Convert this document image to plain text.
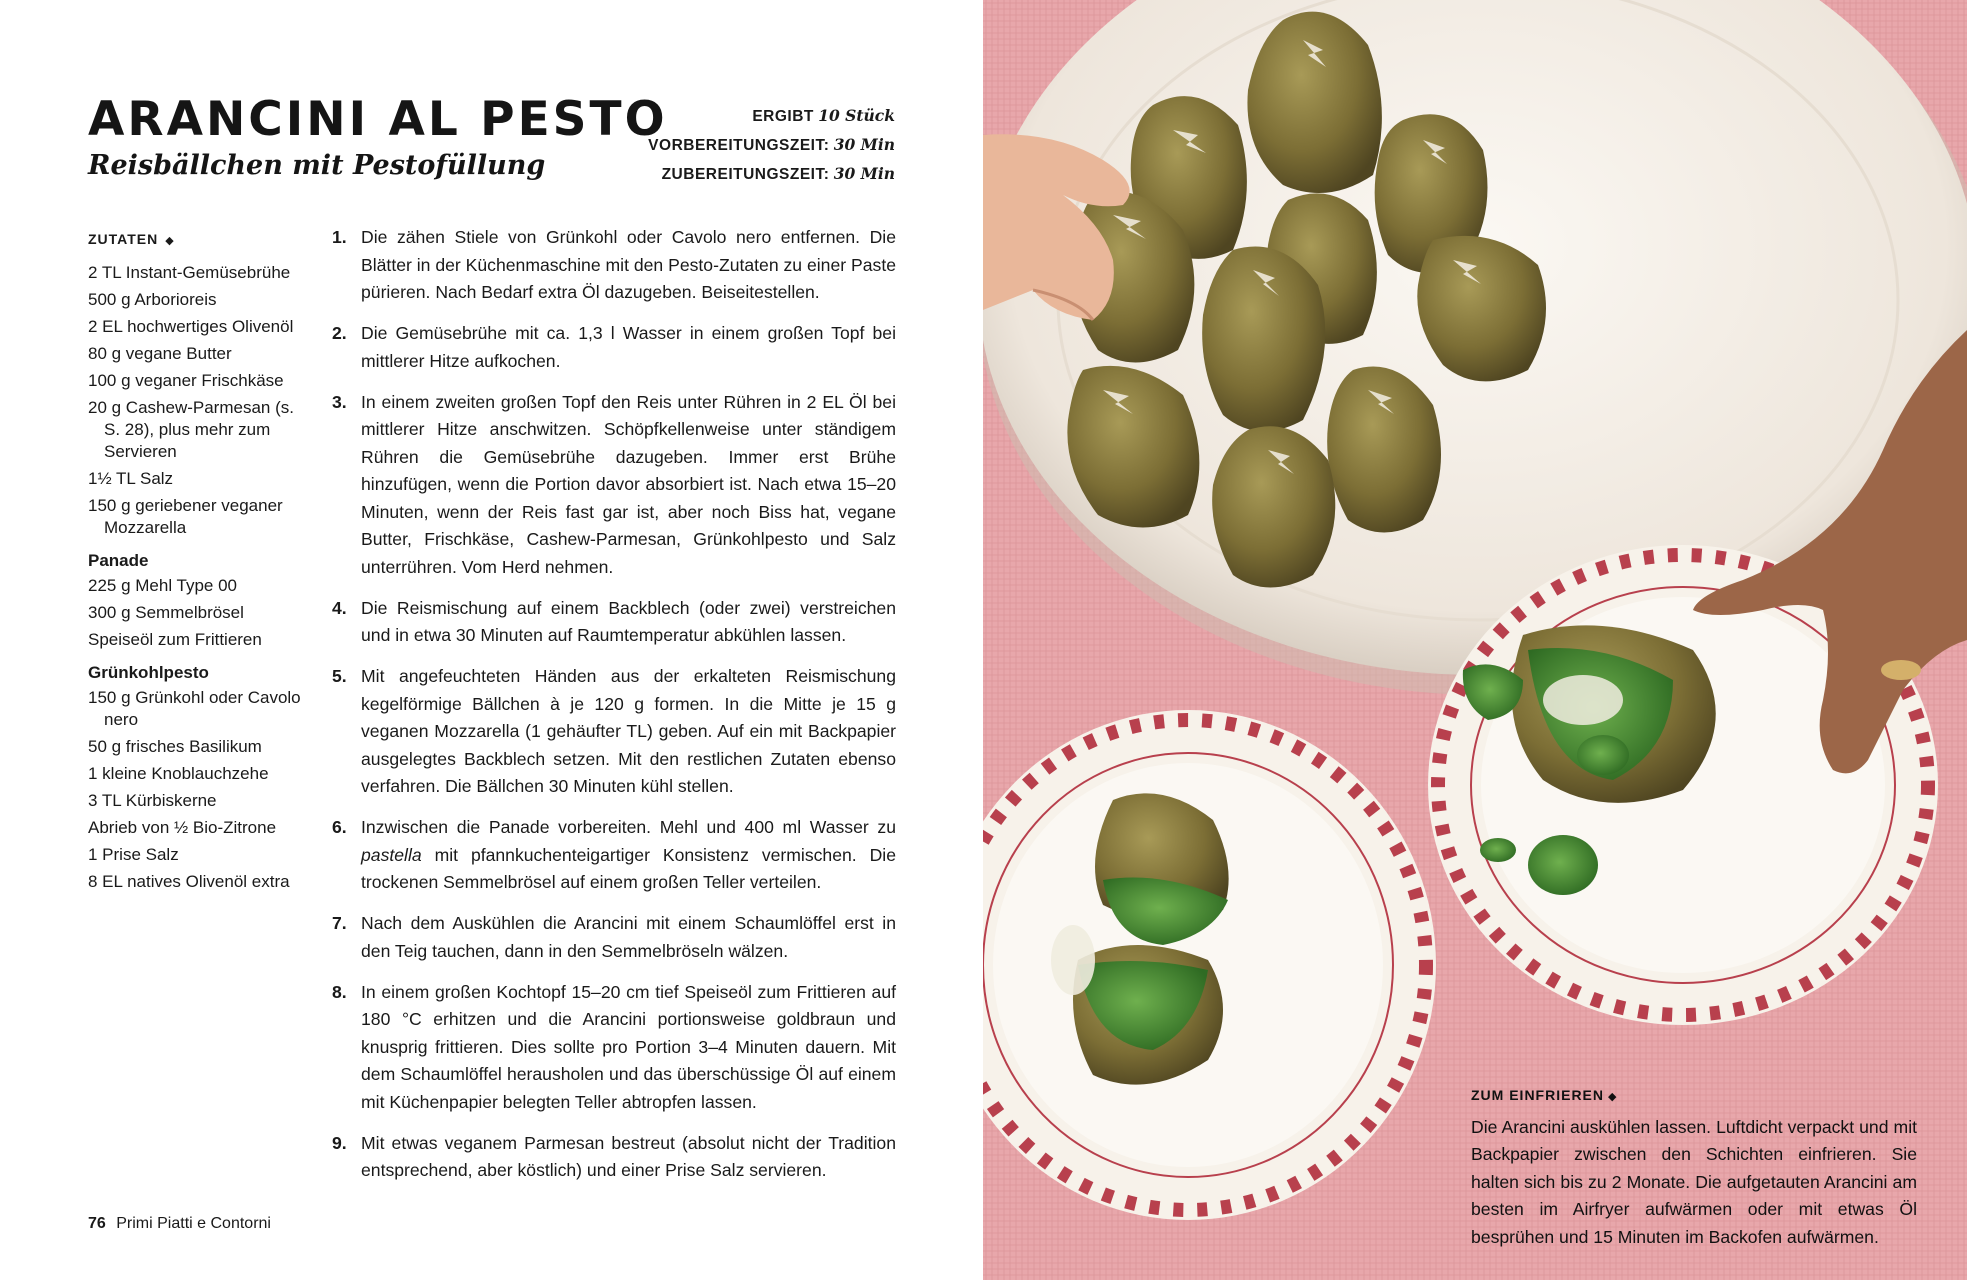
ARANCINI AL PESTO
Reisbällchen mit Pestofüllung
ERGIBT 10 Stück
VORBEREITUNGSZEIT: 30 Min
ZUBEREITUNGSZEIT: 30 Min
ZUTATEN ◆
2 TL Instant-Gemüsebrühe
500 g Arborioreis
2 EL hochwertiges Olivenöl
80 g vegane Butter
100 g veganer Frischkäse
20 g Cashew-Parmesan (s. S. 28), plus mehr zum Servieren
1½ TL Salz
150 g geriebener veganer Mozzarella
Panade
225 g Mehl Type 00
300 g Semmelbrösel
Speiseöl zum Frittieren
Grünkohlpesto
150 g Grünkohl oder Cavolo nero
50 g frisches Basilikum
1 kleine Knoblauchzehe
3 TL Kürbiskerne
Abrieb von ½ Bio-Zitrone
1 Prise Salz
8 EL natives Olivenöl extra
1. Die zähen Stiele von Grünkohl oder Cavolo nero entfernen. Die Blätter in der Küchenmaschine mit den Pesto-Zutaten zu einer Paste pürieren. Nach Bedarf extra Öl dazugeben. Beiseitestellen.
2. Die Gemüsebrühe mit ca. 1,3 l Wasser in einem großen Topf bei mittlerer Hitze aufkochen.
3. In einem zweiten großen Topf den Reis unter Rühren in 2 EL Öl bei mittlerer Hitze anschwitzen. Schöpfkellenweise unter ständigem Rühren die Gemüsebrühe dazugeben. Immer erst Brühe hinzufügen, wenn die Portion davor absorbiert ist. Nach etwa 15–20 Minuten, wenn der Reis fast gar ist, aber noch Biss hat, vegane Butter, Frischkäse, Cashew-Parmesan, Grünkohlpesto und Salz unterrühren. Vom Herd nehmen.
4. Die Reismischung auf einem Backblech (oder zwei) verstreichen und in etwa 30 Minuten auf Raumtemperatur abkühlen lassen.
5. Mit angefeuchteten Händen aus der erkalteten Reismischung kegelförmige Bällchen à je 120 g formen. In die Mitte je 15 g veganen Mozzarella (1 gehäufter TL) geben. Auf ein mit Backpapier ausgelegtes Backblech setzen. Mit den restlichen Zutaten ebenso verfahren. Die Bällchen 30 Minuten kühl stellen.
6. Inzwischen die Panade vorbereiten. Mehl und 400 ml Wasser zu pastella mit pfannkuchenteigartiger Konsistenz vermischen. Die trockenen Semmelbrösel auf einem großen Teller verteilen.
7. Nach dem Auskühlen die Arancini mit einem Schaumlöffel erst in den Teig tauchen, dann in den Semmelbröseln wälzen.
8. In einem großen Kochtopf 15–20 cm tief Speiseöl zum Frittieren auf 180 °C erhitzen und die Arancini portionsweise goldbraun und knusprig frittieren. Dies sollte pro Portion 3–4 Minuten dauern. Mit dem Schaumlöffel herausholen und das überschüssige Öl auf einem mit Küchenpapier belegten Teller abtropfen lassen.
9. Mit etwas veganem Parmesan bestreut (absolut nicht der Tradition entsprechend, aber köstlich) und einer Prise Salz servieren.
76 Primi Piatti e Contorni
ZUM EINFRIEREN ◆
Die Arancini auskühlen lassen. Luftdicht verpackt und mit Backpapier zwischen den Schichten einfrieren. Sie halten sich bis zu 2 Monate. Die aufgetauten Arancini am besten im Airfryer aufwärmen oder mit etwas Öl besprühen und 15 Minuten im Backofen aufwärmen.
